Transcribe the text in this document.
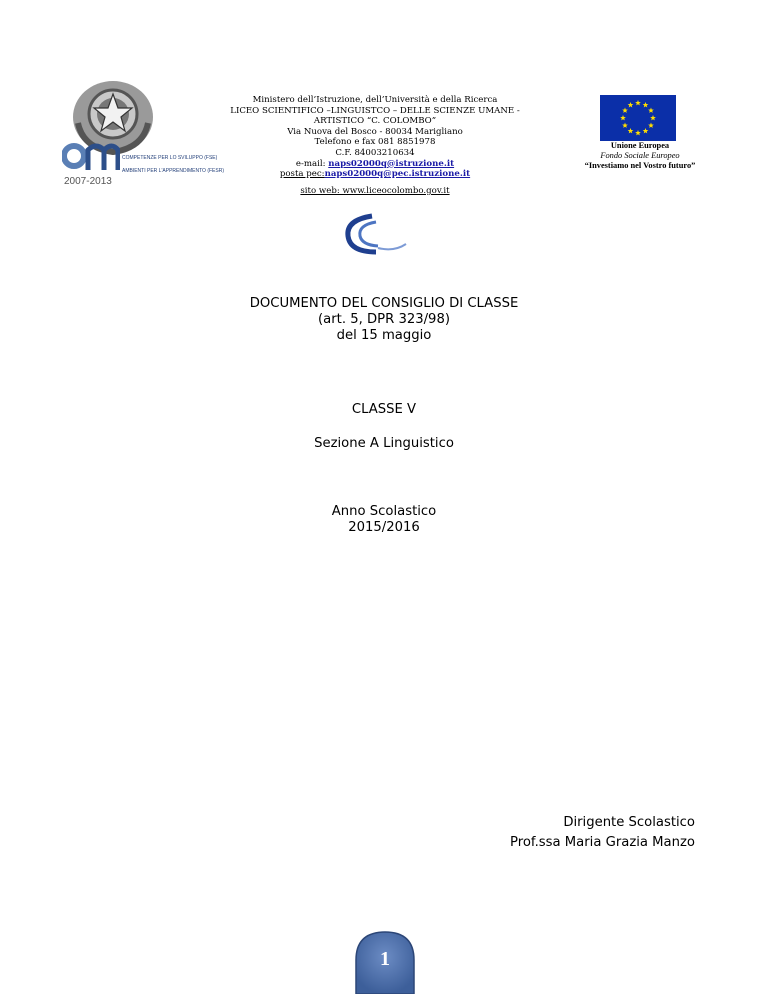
COMPETENZE PER LO SVILUPPO (FSE)
AMBIENTI PER L'APPRENDIMENTO (FESR)
2007-2013
Ministero dell’Istruzione, dell’Università e della Ricerca
LICEO SCIENTIFICO –LINGUISTCO – DELLE SCIENZE UMANE - ARTISTICO “C. COLOMBO”
Via Nuova del Bosco - 80034 Marigliano
Telefono e fax 081 8851978
C.F. 84003210634
e-mail: naps02000q@istruzione.it
posta pec:naps02000q@pec.istruzione.it
sito web: www.liceocolombo.gov.it
Unione Europea
Fondo Sociale Europeo
“Investiamo nel Vostro futuro”
DOCUMENTO DEL CONSIGLIO DI CLASSE
(art. 5, DPR 323/98)
del 15 maggio
CLASSE V
Sezione A Linguistico
Anno Scolastico
2015/2016
Dirigente Scolastico
Prof.ssa Maria Grazia Manzo
1
